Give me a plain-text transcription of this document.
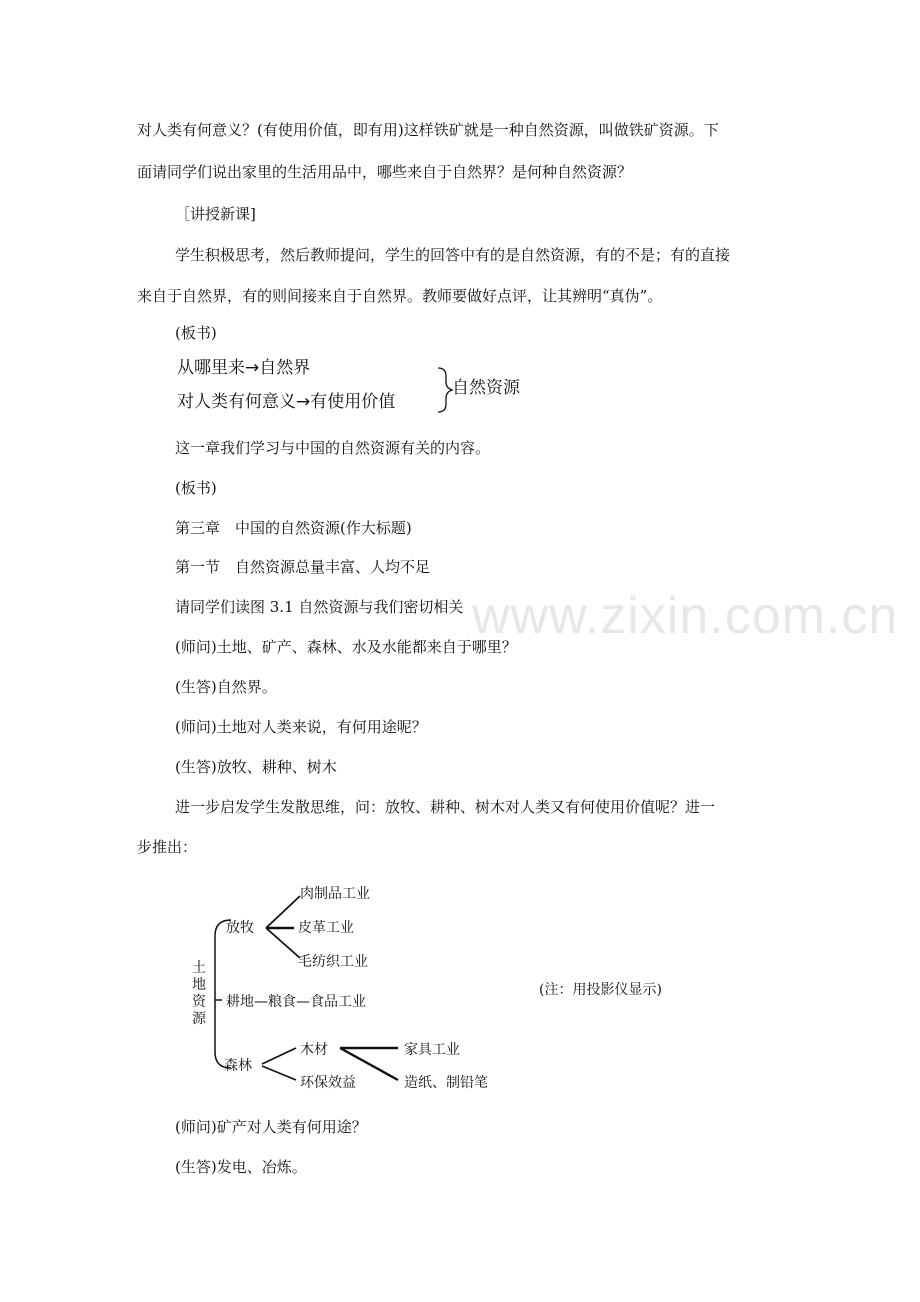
www.zixin.com.cn
对人类有何意义？(有使用价值，即有用)这样铁矿就是一种自然资源，叫做铁矿资源。下
面请同学们说出家里的生活用品中，哪些来自于自然界？是何种自然资源？
［讲授新课]
学生积极思考，然后教师提问，学生的回答中有的是自然资源，有的不是；有的直接
来自于自然界，有的则间接来自于自然界。教师要做好点评，让其辨明“真伪”。
(板书)
从哪里来→自然界
对人类有何意义→有使用价值
自然资源
这一章我们学习与中国的自然资源有关的内容。
(板书)
第三章　中国的自然资源(作大标题)
第一节　自然资源总量丰富、人均不足
请同学们读图 3.1 自然资源与我们密切相关
(师问)土地、矿产、森林、水及水能都来自于哪里？
(生答)自然界。
(师问)土地对人类来说，有何用途呢？
(生答)放牧、耕种、树木
进一步启发学生发散思维，问：放牧、耕种、树木对人类又有何使用价值呢？进一
步推出：
土地资源
放牧
肉制品工业
皮革工业
毛纺织工业
耕地—粮食—食品工业
森林
木材	家具工业
环保效益	造纸、制铅笔
(注：用投影仪显示)
(师问)矿产对人类有何用途？
(生答)发电、冶炼。
